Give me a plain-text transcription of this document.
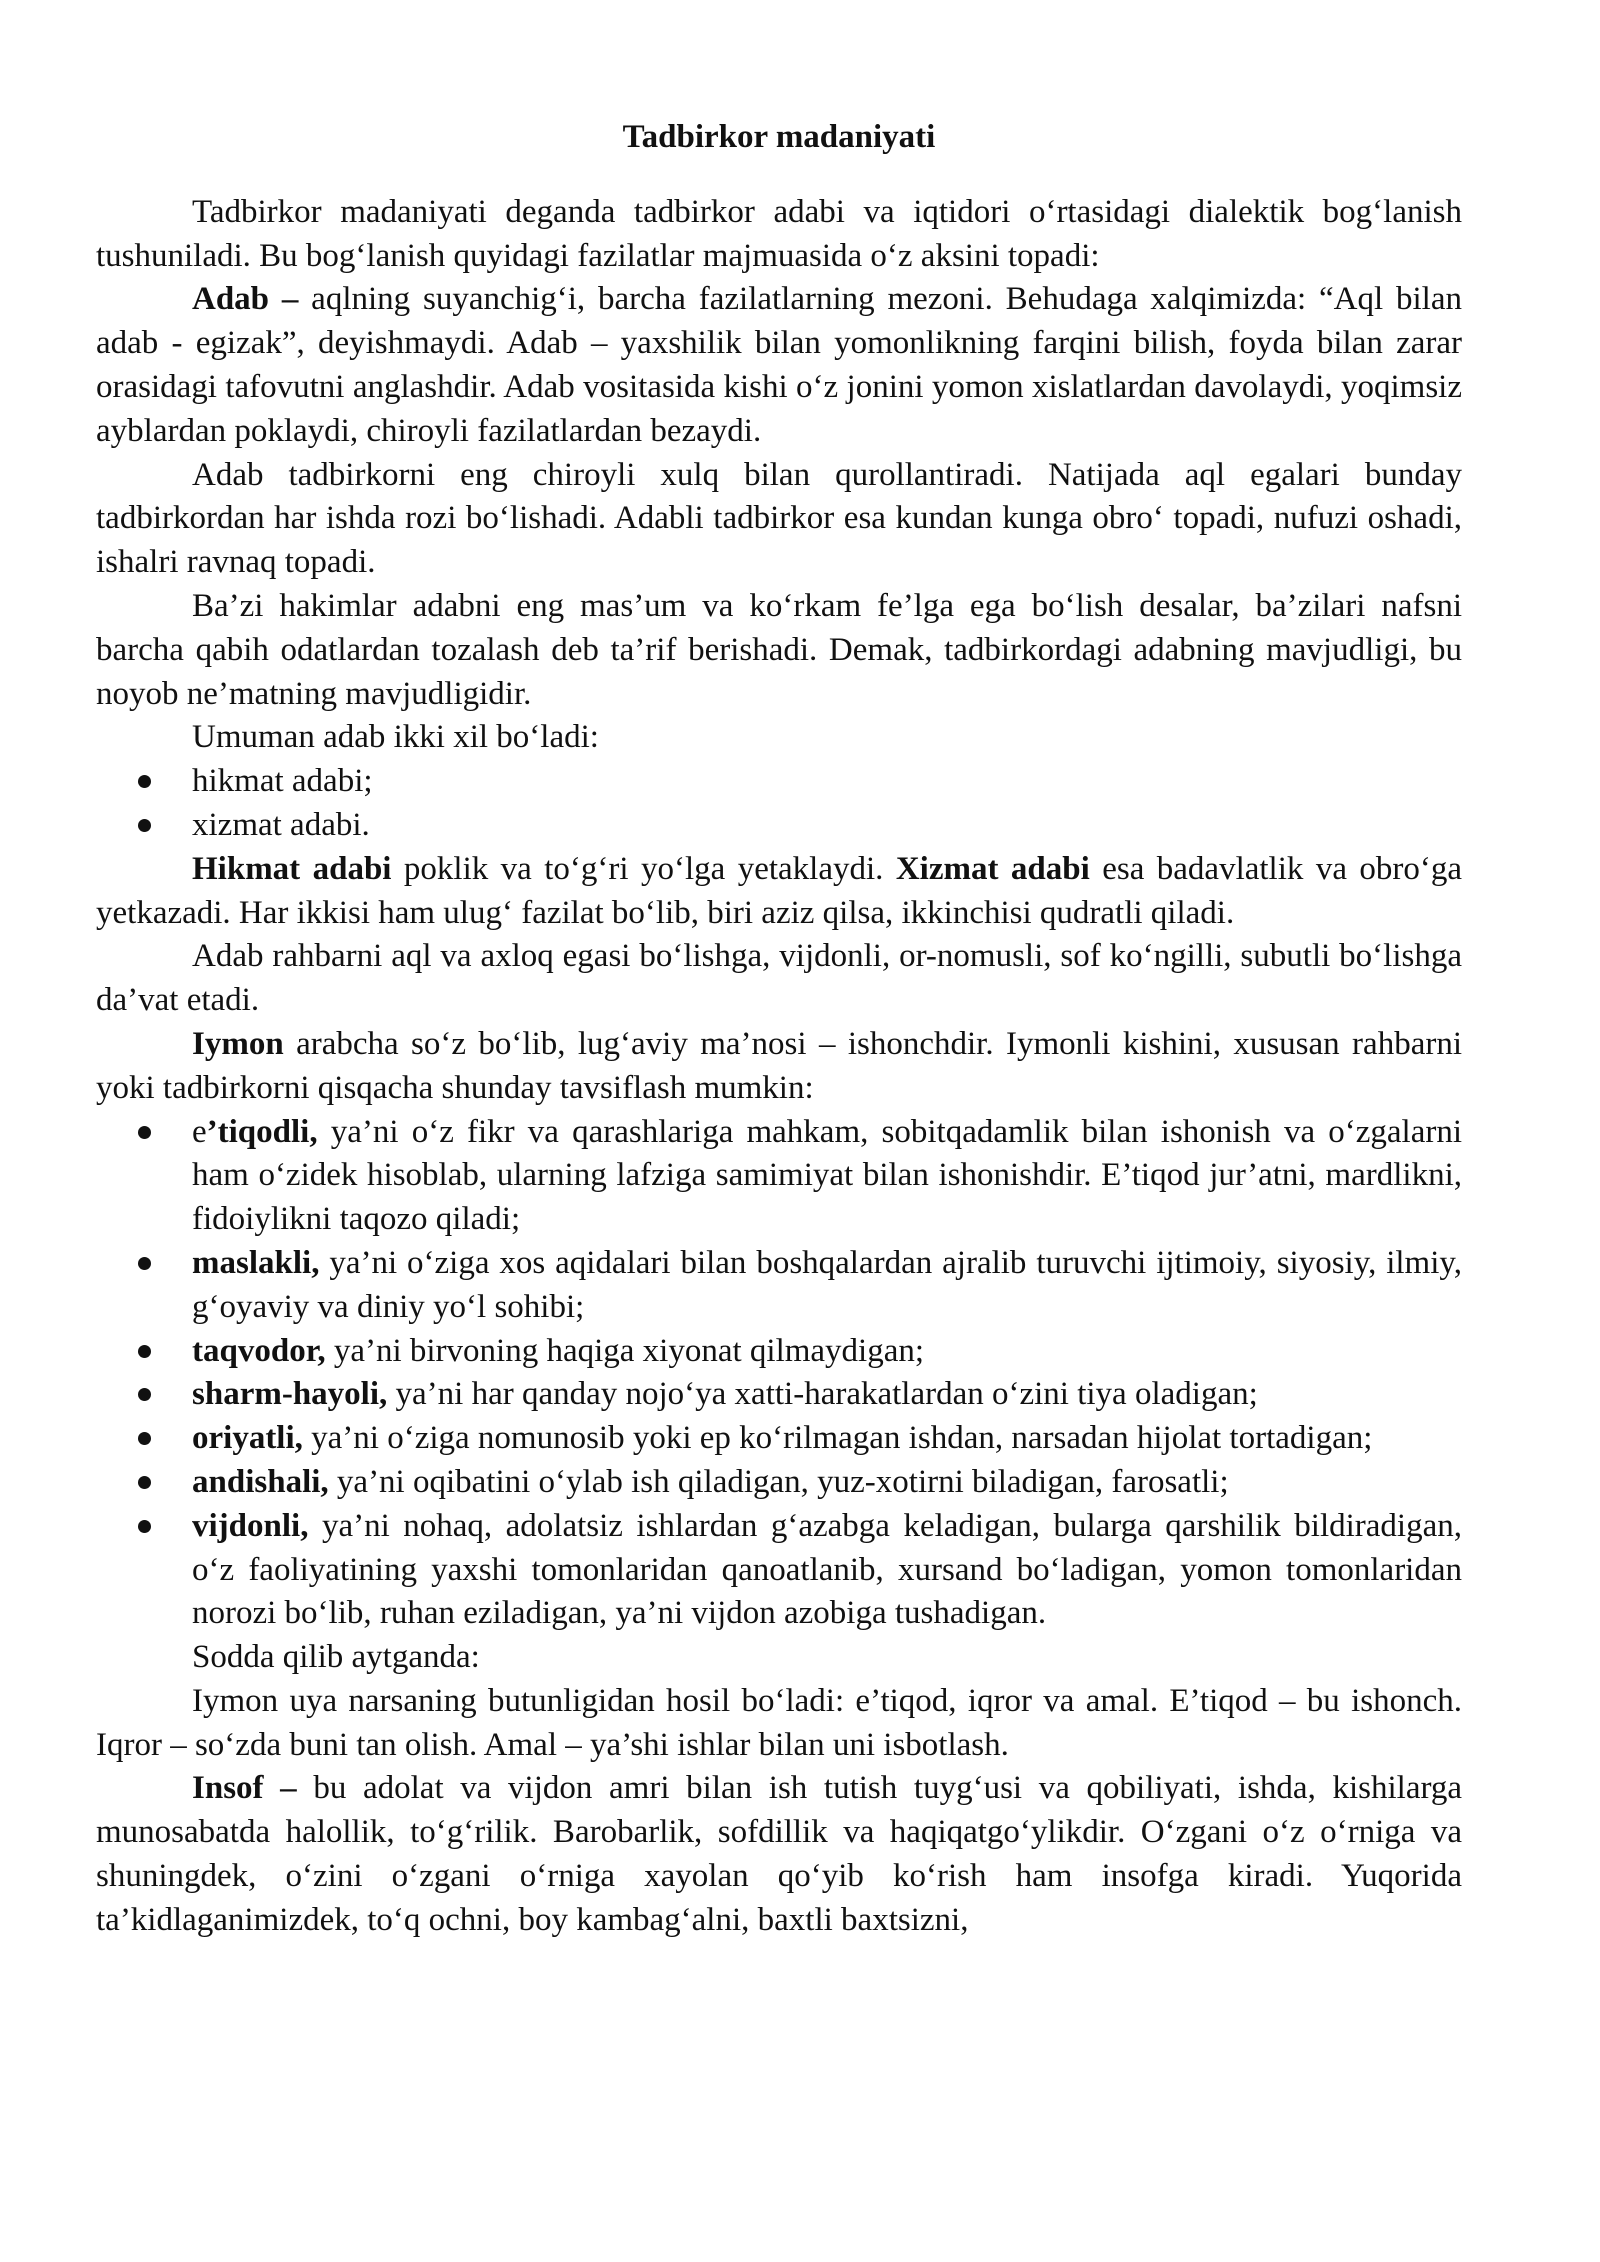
Tadbirkor madaniyati

Tadbirkor madaniyati deganda tadbirkor adabi va iqtidori o‘rtasidagi dialektik bog‘lanish tushuniladi. Bu bog‘lanish quyidagi fazilatlar majmuasida o‘z aksini topadi:

Adab – aqlning suyanchig‘i, barcha fazilatlarning mezoni. Behudaga xalqimizda: “Aql bilan adab - egizak”, deyishmaydi. Adab – yaxshilik bilan yomonlikning farqini bilish, foyda bilan zarar orasidagi tafovutni anglashdir. Adab vositasida kishi o‘z jonini yomon xislatlardan davolaydi, yoqimsiz ayblardan poklaydi, chiroyli fazilatlardan bezaydi.

Adab tadbirkorni eng chiroyli xulq bilan qurollantiradi. Natijada aql egalari bunday tadbirkordan har ishda rozi bo‘lishadi. Adabli tadbirkor esa kundan kunga obro‘ topadi, nufuzi oshadi, ishalri ravnaq topadi.

Ba’zi hakimlar adabni eng mas’um va ko‘rkam fe’lga ega bo‘lish desalar, ba’zilari nafsni barcha qabih odatlardan tozalash deb ta’rif berishadi. Demak, tadbirkordagi adabning mavjudligi, bu noyob ne’matning mavjudligidir.

Umuman adab ikki xil bo‘ladi:

hikmat adabi;
xizmat adabi.

Hikmat adabi poklik va to‘g‘ri yo‘lga yetaklaydi. Xizmat adabi esa badavlatlik va obro‘ga yetkazadi. Har ikkisi ham ulug‘ fazilat bo‘lib, biri aziz qilsa, ikkinchisi qudratli qiladi.

Adab rahbarni aql va axloq egasi bo‘lishga, vijdonli, or-nomusli, sof ko‘ngilli, subutli bo‘lishga da’vat etadi.

Iymon arabcha so‘z bo‘lib, lug‘aviy ma’nosi – ishonchdir. Iymonli kishini, xususan rahbarni yoki tadbirkorni qisqacha shunday tavsiflash mumkin:

e’tiqodli, ya’ni o‘z fikr va qarashlariga mahkam, sobitqadamlik bilan ishonish va o‘zgalarni ham o‘zidek hisoblab, ularning lafziga samimiyat bilan ishonishdir. E’tiqod jur’atni, mardlikni, fidoiylikni taqozo qiladi;
maslakli, ya’ni o‘ziga xos aqidalari bilan boshqalardan ajralib turuvchi ijtimoiy, siyosiy, ilmiy, g‘oyaviy va diniy yo‘l sohibi;
taqvodor, ya’ni birvoning haqiga xiyonat qilmaydigan;
sharm-hayoli, ya’ni har qanday nojo‘ya xatti-harakatlardan o‘zini tiya oladigan;
oriyatli, ya’ni o‘ziga nomunosib yoki ep ko‘rilmagan ishdan, narsadan hijolat tortadigan;
andishali, ya’ni oqibatini o‘ylab ish qiladigan, yuz-xotirni biladigan, farosatli;
vijdonli, ya’ni nohaq, adolatsiz ishlardan g‘azabga keladigan, bularga qarshilik bildiradigan, o‘z faoliyatining yaxshi tomonlaridan qanoatlanib, xursand bo‘ladigan, yomon tomonlaridan norozi bo‘lib, ruhan eziladigan, ya’ni vijdon azobiga tushadigan.

Sodda qilib aytganda:

Iymon uya narsaning butunligidan hosil bo‘ladi: e’tiqod, iqror va amal. E’tiqod – bu ishonch. Iqror – so‘zda buni tan olish. Amal – ya’shi ishlar bilan uni isbotlash.

Insof – bu adolat va vijdon amri bilan ish tutish tuyg‘usi va qobiliyati, ishda, kishilarga munosabatda halollik, to‘g‘rilik. Barobarlik, sofdillik va haqiqatgo‘ylikdir. O‘zgani o‘z o‘rniga va shuningdek, o‘zini o‘zgani o‘rniga xayolan qo‘yib ko‘rish ham insofga kiradi. Yuqorida ta’kidlaganimizdek, to‘q ochni, boy kambag‘alni, baxtli baxtsizni,
